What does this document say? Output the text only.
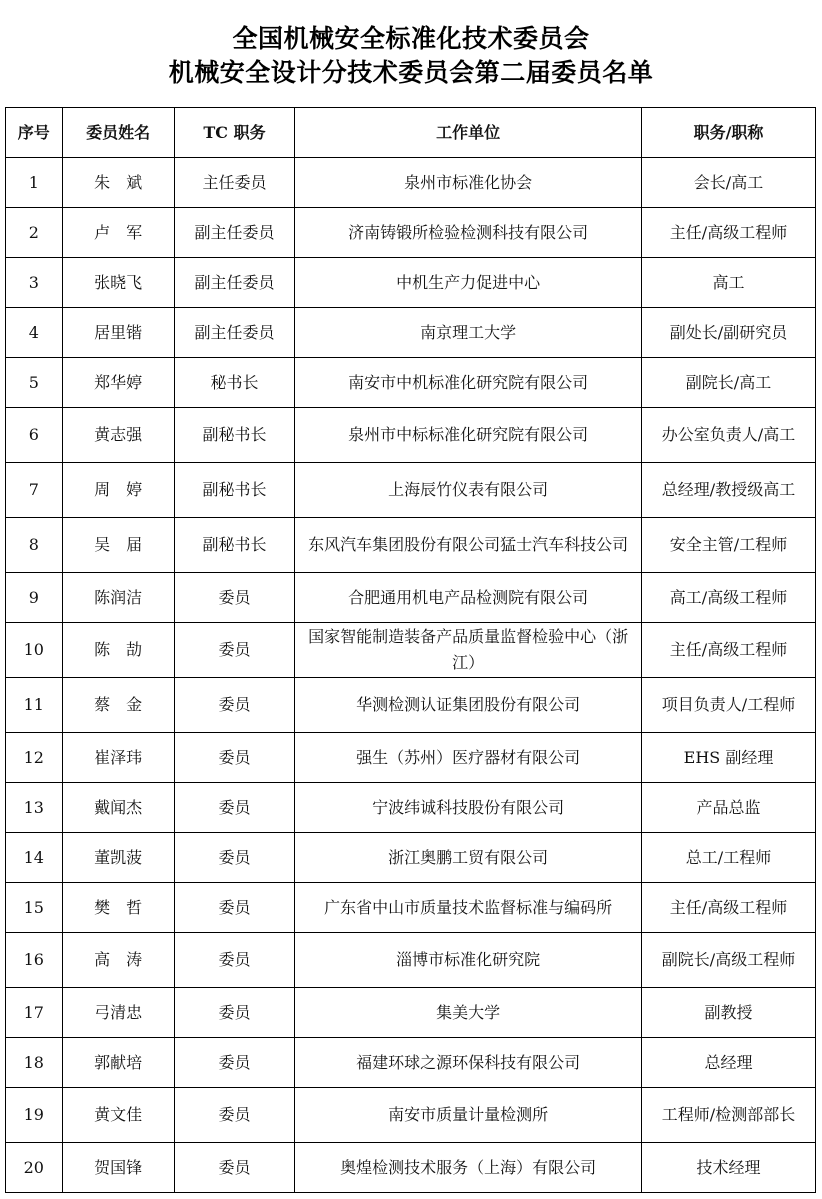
全国机械安全标准化技术委员会
机械安全设计分技术委员会第二届委员名单
序号	委员姓名	TC 职务	工作单位	职务/职称
1	朱　斌	主任委员	泉州市标准化协会	会长/高工
2	卢　军	副主任委员	济南铸锻所检验检测科技有限公司	主任/高级工程师
3	张晓飞	副主任委员	中机生产力促进中心	高工
4	居里锴	副主任委员	南京理工大学	副处长/副研究员
5	郑华婷	秘书长	南安市中机标准化研究院有限公司	副院长/高工
6	黄志强	副秘书长	泉州市中标标准化研究院有限公司	办公室负责人/高工
7	周　婷	副秘书长	上海辰竹仪表有限公司	总经理/教授级高工
8	吴　届	副秘书长	东风汽车集团股份有限公司猛士汽车科技公司	安全主管/工程师
9	陈润洁	委员	合肥通用机电产品检测院有限公司	高工/高级工程师
10	陈　劼	委员	国家智能制造装备产品质量监督检验中心（浙江）	主任/高级工程师
11	蔡　金	委员	华测检测认证集团股份有限公司	项目负责人/工程师
12	崔泽玮	委员	强生（苏州）医疗器材有限公司	EHS 副经理
13	戴闻杰	委员	宁波纬诚科技股份有限公司	产品总监
14	董凯菠	委员	浙江奥鹏工贸有限公司	总工/工程师
15	樊　哲	委员	广东省中山市质量技术监督标准与编码所	主任/高级工程师
16	高　涛	委员	淄博市标准化研究院	副院长/高级工程师
17	弓清忠	委员	集美大学	副教授
18	郭献培	委员	福建环球之源环保科技有限公司	总经理
19	黄文佳	委员	南安市质量计量检测所	工程师/检测部部长
20	贺国锋	委员	奥煌检测技术服务（上海）有限公司	技术经理
